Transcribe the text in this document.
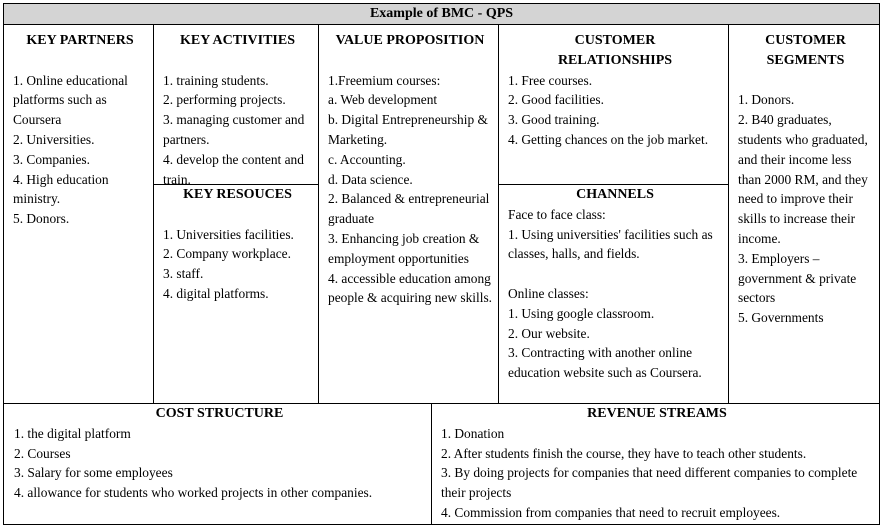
Example of BMC - QPS

KEY PARTNERS

1. Online educational platforms such as Coursera
2. Universities.
3. Companies.
4. High education ministry.
5. Donors.

KEY ACTIVITIES

1. training students.
2. performing projects.
3. managing customer and partners.
4. develop the content and train.

KEY RESOUCES

1. Universities facilities.
2. Company workplace.
3. staff.
4. digital platforms.

VALUE PROPOSITION

1.Freemium courses:
a. Web development
b. Digital Entrepreneurship & Marketing.
c. Accounting.
d. Data science.
2. Balanced & entrepreneurial graduate
3. Enhancing job creation & employment opportunities
4. accessible education among people & acquiring new skills.

CUSTOMER RELATIONSHIPS

1. Free courses.
2. Good facilities.
3. Good training.
4. Getting chances on the job market.

CHANNELS

Face to face class:
1. Using universities' facilities such as classes, halls, and fields.
Online classes:
1. Using google classroom.
2. Our website.
3. Contracting with another online education website such as Coursera.

CUSTOMER SEGMENTS

1. Donors.
2. B40 graduates, students who graduated, and their income less than 2000 RM, and they need to improve their skills to increase their income.
3. Employers – government & private sectors
5. Governments

COST STRUCTURE

1. the digital platform
2. Courses
3. Salary for some employees
4. allowance for students who worked projects in other companies.

REVENUE STREAMS

1. Donation
2. After students finish the course, they have to teach other students.
3. By doing projects for companies that need different companies to complete their projects
4. Commission from companies that need to recruit employees.
